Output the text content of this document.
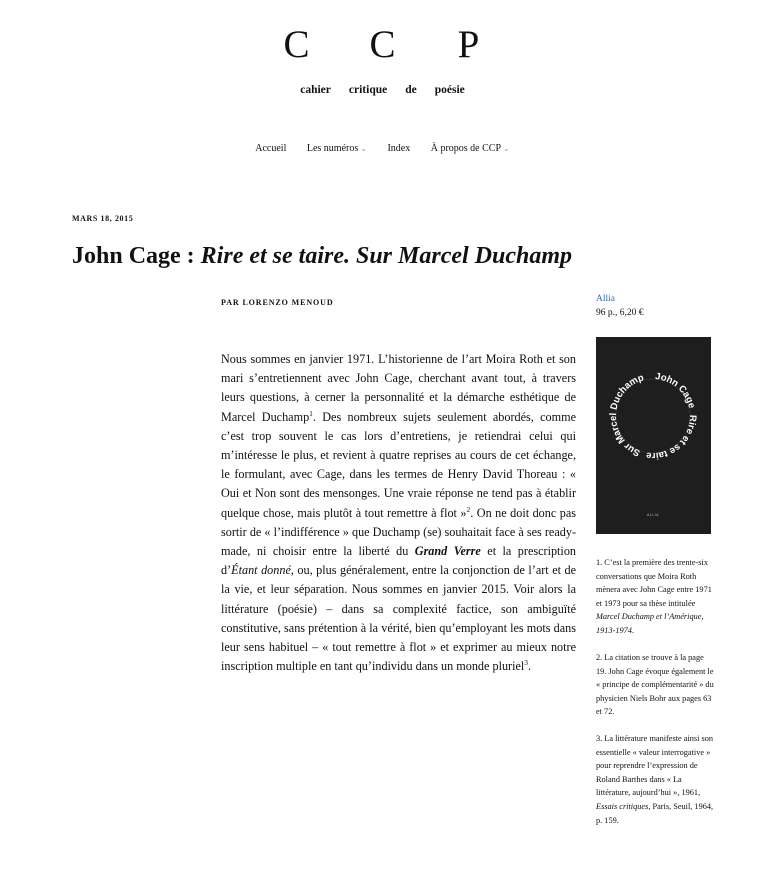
C C P
cahier critique de poésie
Accueil Les numéros ⌄ Index À propos de CCP ⌄
MARS 18, 2015
John Cage : Rire et se taire. Sur Marcel Duchamp
PAR LORENZO MENOUD
Nous sommes en janvier 1971. L’historienne de l’art Moira Roth et son mari s’entretiennent avec John Cage, cherchant avant tout, à travers leurs questions, à cerner la personnalité et la démarche esthétique de Marcel Duchamp$^1$. Des nombreux sujets seulement abordés, comme c’est trop souvent le cas lors d’entretiens, je retiendrai celui qui m’intéresse le plus, et revient à quatre reprises au cours de cet échange, le formulant, avec Cage, dans les termes de Henry David Thoreau : « Oui et Non sont des mensonges. Une vraie réponse ne tend pas à établir quelque chose, mais plutôt à tout remettre à flot »$^2$. On ne doit donc pas sortir de « l’indifférence » que Duchamp (se) souhaitait face à ses ready-made, ni choisir entre la liberté du Grand Verre et la prescription d’Étant donné, ou, plus généralement, entre la conjonction de l’art et de la vie, et leur séparation. Nous sommes en janvier 2015. Voir alors la littérature (poésie) – dans sa complexité factice, son ambiguïté constitutive, sans prétention à la vérité, bien qu’employant les mots dans leur sens habituel – « tout remettre à flot » et exprimer au mieux notre inscription multiple en tant qu’individu dans un monde pluriel$^3$.
Allia
96 p., 6,20 €
John Cage Rire et se taireSur Marcel Duchamp
ALLIA
1. C’est la première des trente-six conversations que Moira Roth mènera avec John Cage entre 1971 et 1973 pour sa thèse intitulée Marcel Duchamp et l’Amérique, 1913-1974.
2. La citation se trouve à la page 19. John Cage évoque également le « principe de complémentarité » du physicien Niels Bohr aux pages 63 et 72.
3. La littérature manifeste ainsi son essentielle « valeur interrogative » pour reprendre l’expression de Roland Barthes dans « La littérature, aujourd’hui », 1961, Essais critiques, Paris, Seuil, 1964, p. 159.
